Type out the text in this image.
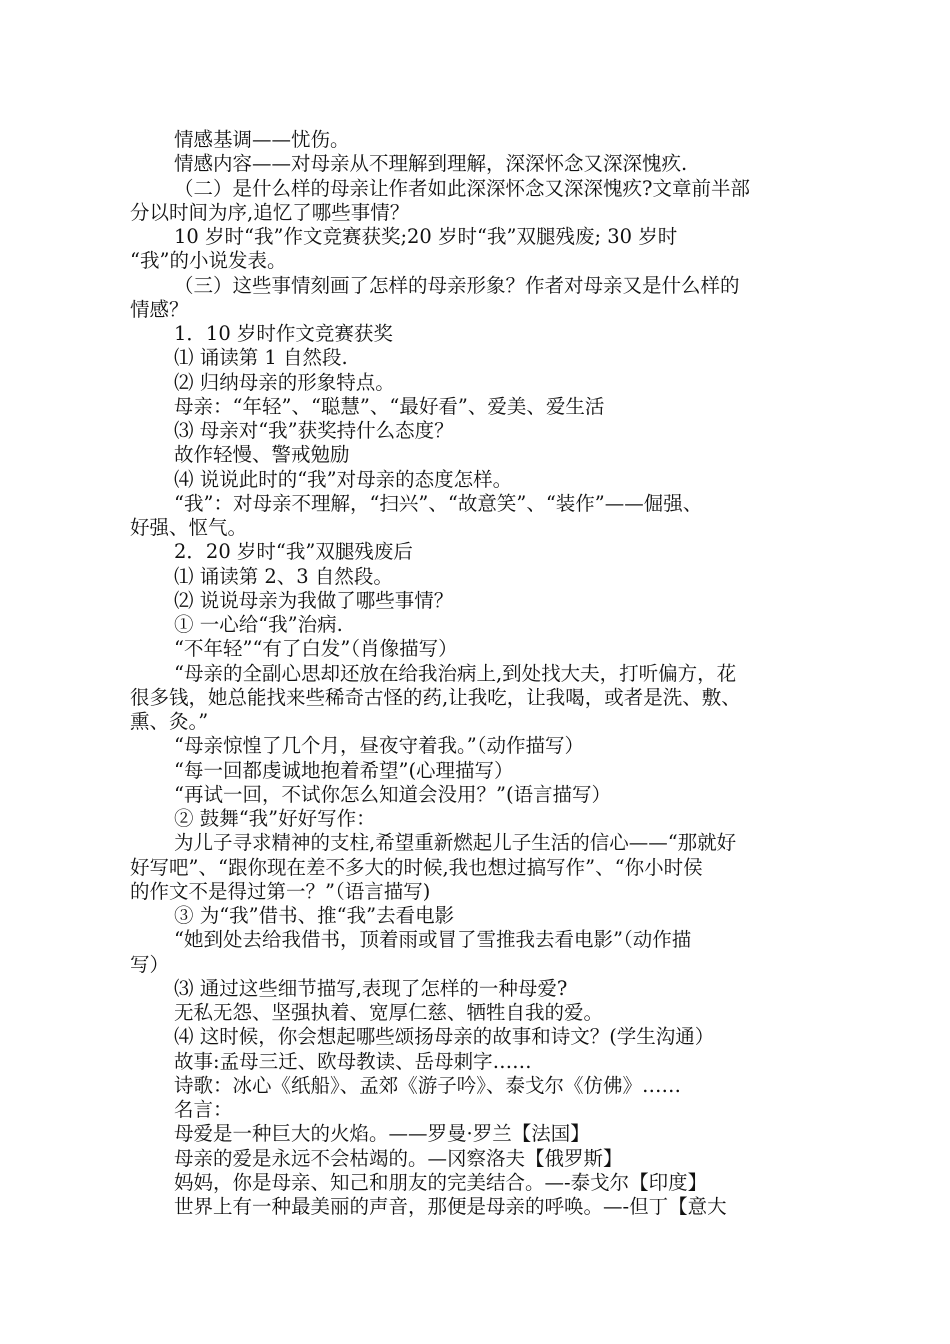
情感基调——忧伤。

情感内容——对母亲从不理解到理解，深深怀念又深深愧疚.

（二）是什么样的母亲让作者如此深深怀念又深深愧疚?文章前半部

分以时间为序,追忆了哪些事情？

10 岁时“我”作文竞赛获奖;20 岁时“我”双腿残废; 30 岁时

“我”的小说发表。

（三）这些事情刻画了怎样的母亲形象？作者对母亲又是什么样的

情感？

1．10 岁时作文竞赛获奖

⑴ 诵读第 1 自然段.

⑵ 归纳母亲的形象特点。

母亲：“年轻”、“聪慧”、“最好看”、爱美、爱生活

⑶ 母亲对“我”获奖持什么态度？

故作轻慢、警戒勉励

⑷ 说说此时的“我”对母亲的态度怎样。

“我”：对母亲不理解，“扫兴”、“故意笑”、“装作”——倔强、

好强、怄气。

2．20 岁时“我”双腿残废后

⑴ 诵读第 2、3 自然段。

⑵ 说说母亲为我做了哪些事情？

① 一心给“我”治病.

“不年轻”“有了白发”（肖像描写）

“母亲的全副心思却还放在给我治病上,到处找大夫，打听偏方，花

很多钱，她总能找来些稀奇古怪的药,让我吃，让我喝，或者是洗、敷、

熏、灸。”

“母亲惊惶了几个月，昼夜守着我。”（动作描写）

“每一回都虔诚地抱着希望”(心理描写）

“再试一回，不试你怎么知道会没用？”(语言描写）

② 鼓舞“我”好好写作：

为儿子寻求精神的支柱,希望重新燃起儿子生活的信心——“那就好

好写吧”、“跟你现在差不多大的时候,我也想过搞写作”、“你小时侯

的作文不是得过第一？”（语言描写)

③ 为“我”借书、推“我”去看电影

“她到处去给我借书，顶着雨或冒了雪推我去看电影”（动作描

写）

⑶ 通过这些细节描写,表现了怎样的一种母爱?

无私无怨、坚强执着、宽厚仁慈、牺牲自我的爱。

⑷ 这时候，你会想起哪些颂扬母亲的故事和诗文？(学生沟通）

故事:孟母三迁、欧母教读、岳母刺字……

诗歌：冰心《纸船》、孟郊《游子吟》、泰戈尔《仿佛》……

名言：

母爱是一种巨大的火焰。——罗曼·罗兰【法国】

母亲的爱是永远不会枯竭的。—冈察洛夫【俄罗斯】

妈妈，你是母亲、知己和朋友的完美结合。—-泰戈尔【印度】

世界上有一种最美丽的声音，那便是母亲的呼唤。—-但丁【意大
